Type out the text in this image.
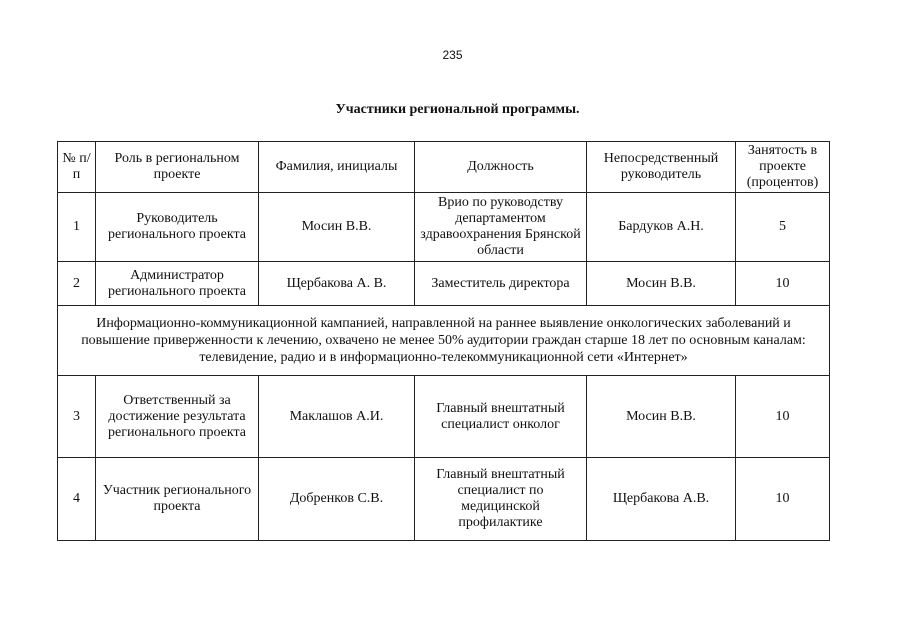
235
Участники региональной программы.
№ п/п	Роль в региональном проекте	Фамилия, инициалы	Должность	Непосредственный руководитель	Занятость в проекте (процентов)
1	Руководитель регионального проекта	Мосин В.В.	Врио по руководству департаментом здравоохранения Брянской области	Бардуков А.Н.	5
2	Администратор регионального проекта	Щербакова А. В.	Заместитель директора	Мосин В.В.	10
Информационно-коммуникационной кампанией, направленной на раннее выявление онкологических заболеваний и повышение приверженности к лечению, охвачено не менее 50% аудитории граждан старше 18 лет по основным каналам: телевидение, радио и в информационно-телекоммуникационной сети «Интернет»					
3	Ответственный за достижение результата регионального проекта	Маклашов А.И.	Главный внештатный специалист онколог	Мосин В.В.	10
4	Участник регионального проекта	Добренков С.В.	Главный внештатный специалист по медицинской профилактике	Щербакова А.В.	10
